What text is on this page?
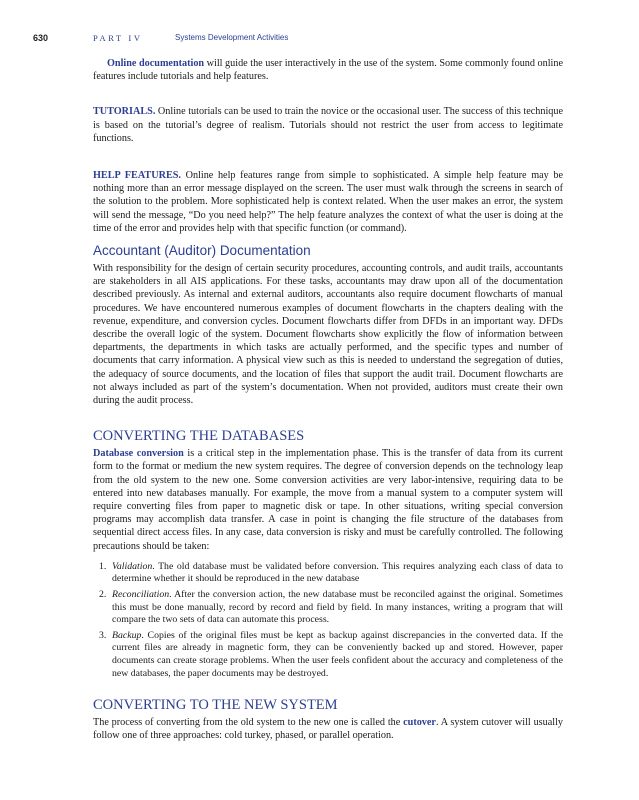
630	PART IV	Systems Development Activities

Online documentation will guide the user interactively in the use of the system. Some commonly found online features include tutorials and help features.

TUTORIALS. Online tutorials can be used to train the novice or the occasional user. The success of this technique is based on the tutorial’s degree of realism. Tutorials should not restrict the user from access to legitimate functions.

HELP FEATURES. Online help features range from simple to sophisticated. A simple help feature may be nothing more than an error message displayed on the screen. The user must walk through the screens in search of the solution to the problem. More sophisticated help is context related. When the user makes an error, the system will send the message, “Do you need help?” The help feature analyzes the context of what the user is doing at the time of the error and provides help with that specific function (or command).

Accountant (Auditor) Documentation

With responsibility for the design of certain security procedures, accounting controls, and audit trails, accountants are stakeholders in all AIS applications. For these tasks, accountants may draw upon all of the documentation described previously. As internal and external auditors, accountants also require document flowcharts of manual procedures. We have encountered numerous examples of document flowcharts in the chapters dealing with the revenue, expenditure, and conversion cycles. Document flowcharts differ from DFDs in an important way. DFDs describe the overall logic of the system. Document flowcharts show explicitly the flow of information between departments, the departments in which tasks are actually performed, and the specific types and number of documents that carry information. A physical view such as this is needed to understand the segregation of duties, the adequacy of source documents, and the location of files that support the audit trail. Document flowcharts are not always included as part of the system’s documentation. When not provided, auditors must create their own during the audit process.

CONVERTING THE DATABASES

Database conversion is a critical step in the implementation phase. This is the transfer of data from its current form to the format or medium the new system requires. The degree of conversion depends on the technology leap from the old system to the new one. Some conversion activities are very labor-intensive, requiring data to be entered into new databases manually. For example, the move from a manual system to a computer system will require converting files from paper to magnetic disk or tape. In other situations, writing special conversion programs may accomplish data transfer. A case in point is changing the file structure of the databases from sequential direct access files. In any case, data conversion is risky and must be carefully controlled. The following precautions should be taken:

1. Validation. The old database must be validated before conversion. This requires analyzing each class of data to determine whether it should be reproduced in the new database
2. Reconciliation. After the conversion action, the new database must be reconciled against the original. Sometimes this must be done manually, record by record and field by field. In many instances, writing a program that will compare the two sets of data can automate this process.
3. Backup. Copies of the original files must be kept as backup against discrepancies in the converted data. If the current files are already in magnetic form, they can be conveniently backed up and stored. However, paper documents can create storage problems. When the user feels confident about the accuracy and completeness of the new databases, the paper documents may be destroyed.
CONVERTING TO THE NEW SYSTEM

The process of converting from the old system to the new one is called the cutover. A system cutover will usually follow one of three approaches: cold turkey, phased, or parallel operation.
